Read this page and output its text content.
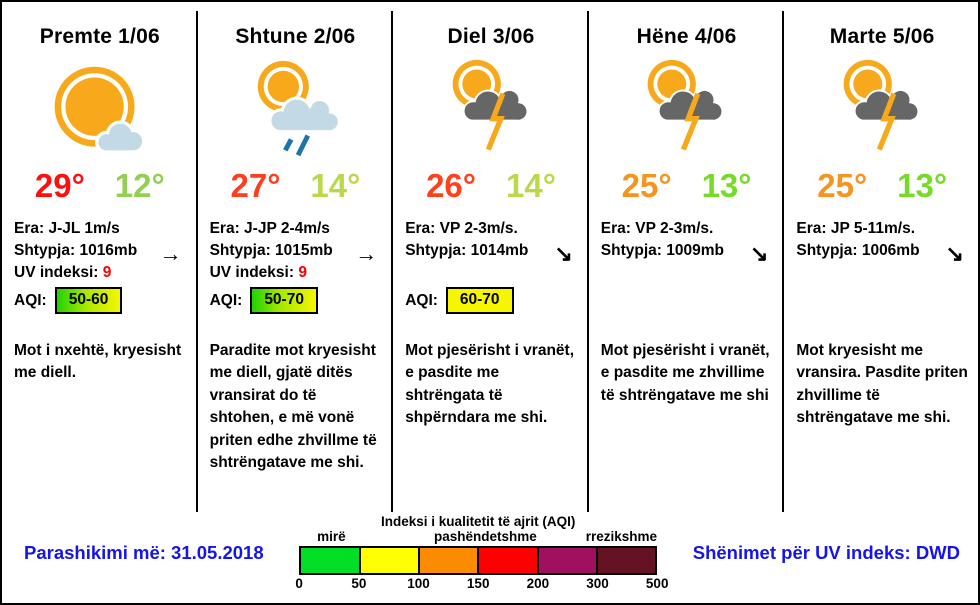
Premte 1/06
29° 12°
Era: J-JL 1m/s
Shtypja: 1016mb	→
UV indeksi: 9
AQI:	50-60

Mot i nxehtë, kryesisht me diell.

Shtune 2/06
27° 14°
Era: J-JP 2-4m/s
Shtypja: 1015mb	→
UV indeksi: 9
AQI:	50-70

Paradite mot kryesisht me diell, gjatë ditës vransirat do të shtohen, e më vonë priten edhe zhvillme të shtrëngatave me shi.

Diel 3/06
26° 14°
Era: VP 2-3m/s.
Shtypja: 1014mb	↘
AQI:	60-70

Mot pjesërisht i vranët, e pasdite me shtrëngata të shpërndara me shi.

Hëne 4/06
25° 13°
Era: VP 2-3m/s.
Shtypja: 1009mb	↘

Mot pjesërisht i vranët, e pasdite me zhvillime të shtrëngatave me shi

Marte 5/06
25° 13°
Era: JP 5-11m/s.
Shtypja: 1006mb	↘

Mot kryesisht me vransira. Pasdite priten zhvillime të shtrëngatave me shi.

Parashikimi më: 31.05.2018
Indeksi i kualitetit të ajrit (AQI)
mirë	pashëndetshme	rrezikshme
0	50	100	150	200	300	500
Shënimet për UV indeks: DWD
